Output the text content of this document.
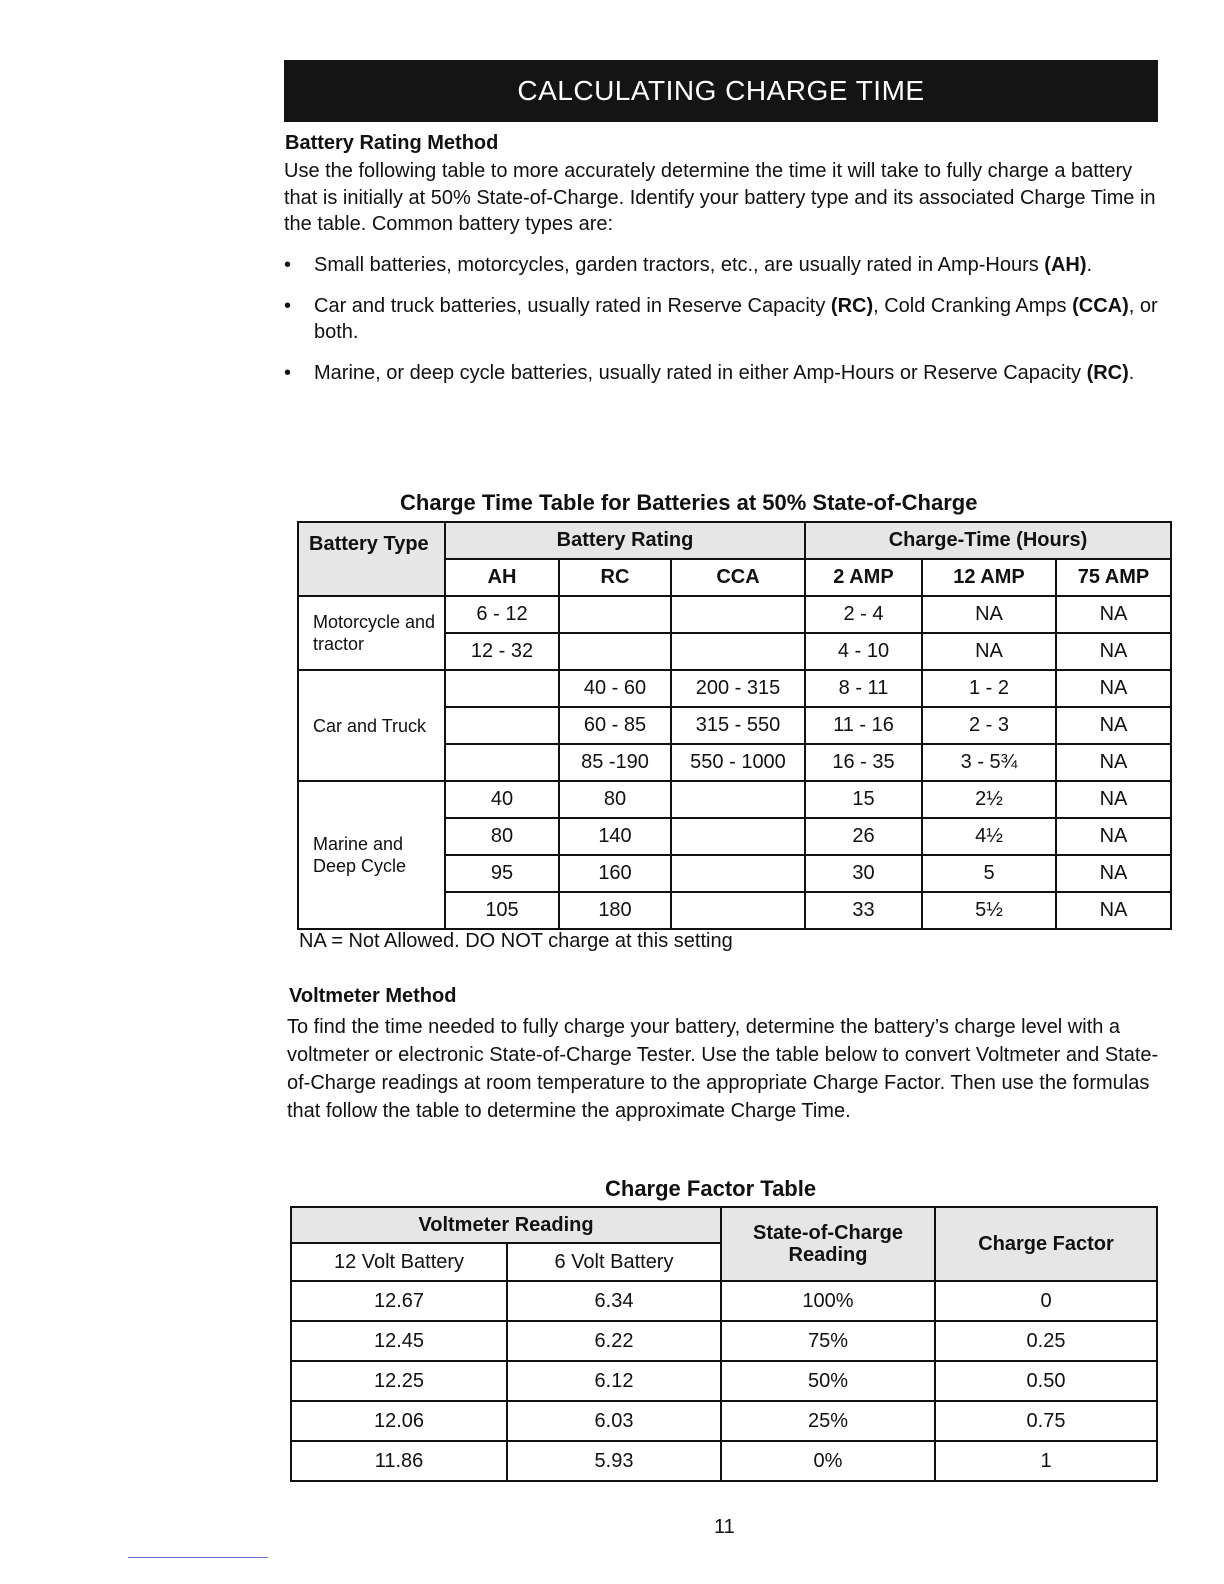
CALCULATING CHARGE TIME
Battery Rating Method
Use the following table to more accurately determine the time it will take to fully charge a battery that is initially at 50% State-of-Charge. Identify your battery type and its associated Charge Time in the table. Common battery types are:
• Small batteries, motorcycles, garden tractors, etc., are usually rated in Amp-Hours (AH).
• Car and truck batteries, usually rated in Reserve Capacity (RC), Cold Cranking Amps (CCA), or both.
• Marine, or deep cycle batteries, usually rated in either Amp-Hours or Reserve Capacity (RC).
Charge Time Table for Batteries at 50% State-of-Charge
Battery Type	Battery Rating			Charge-Time (Hours)		
	AH	RC	CCA	2 AMP	12 AMP	75 AMP
Motorcycle and tractor	6 - 12			2 - 4	NA	NA
	12 - 32			4 - 10	NA	NA
Car and Truck		40 - 60	200 - 315	8 - 11	1 - 2	NA
		60 - 85	315 - 550	11 - 16	2 - 3	NA
		85 -190	550 - 1000	16 - 35	3 - 5¾	NA
Marine and Deep Cycle	40	80		15	2½	NA
	80	140		26	4½	NA
	95	160		30	5	NA
	105	180		33	5½	NA
NA = Not Allowed. DO NOT charge at this setting
Voltmeter Method
To find the time needed to fully charge your battery, determine the battery’s charge level with a voltmeter or electronic State-of-Charge Tester. Use the table below to convert Voltmeter and State-of-Charge readings at room temperature to the appropriate Charge Factor. Then use the formulas that follow the table to determine the approximate Charge Time.
Charge Factor Table
Voltmeter Reading		State-of-Charge Reading	Charge Factor
12 Volt Battery	6 Volt Battery		
12.67	6.34	100%	0
12.45	6.22	75%	0.25
12.25	6.12	50%	0.50
12.06	6.03	25%	0.75
11.86	5.93	0%	1
11
